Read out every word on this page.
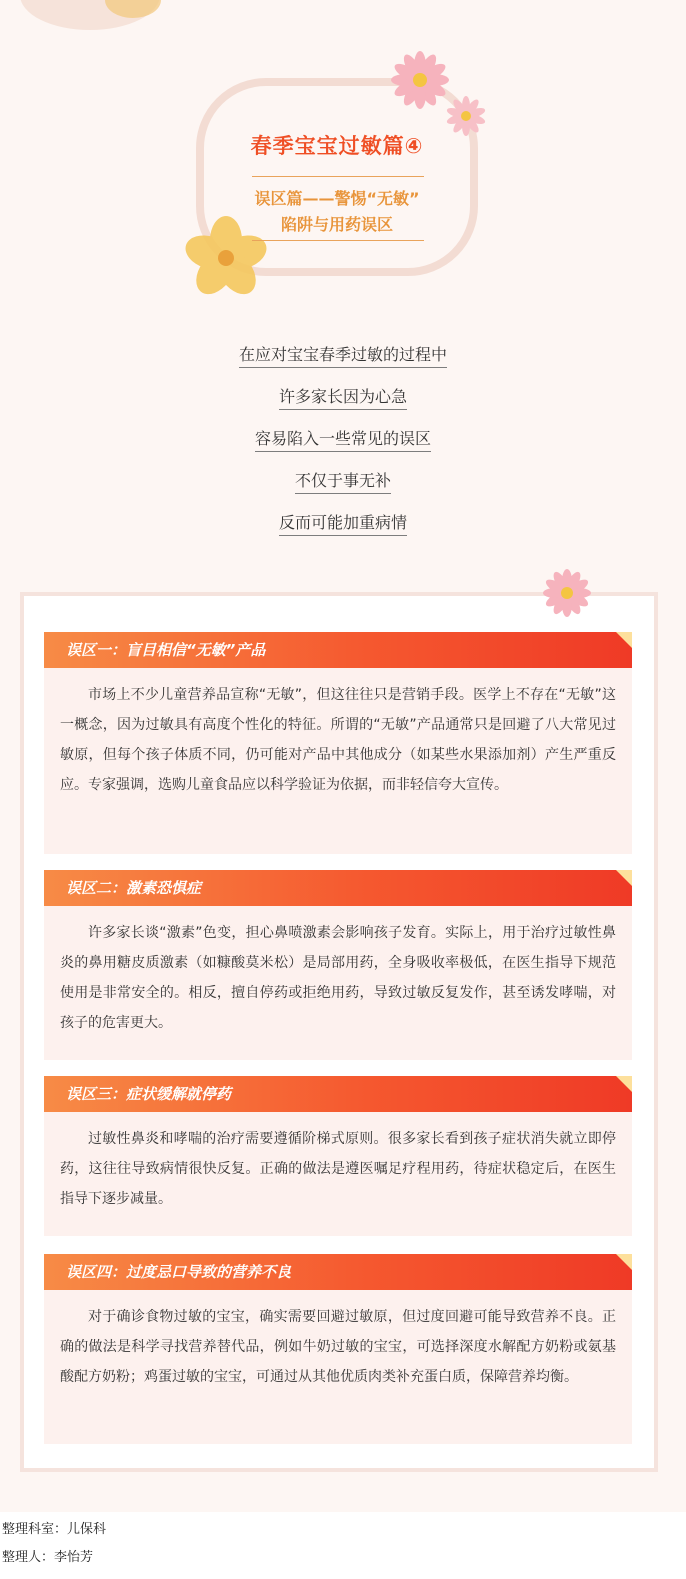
春季宝宝过敏篇④
误区篇——警惕“无敏”
陷阱与用药误区
在应对宝宝春季过敏的过程中
许多家长因为心急
容易陷入一些常见的误区
不仅于事无补
反而可能加重病情
误区一：盲目相信“无敏”产品
市场上不少儿童营养品宣称“无敏”，但这往往只是营销手段。医学上不存在“无敏”这一概念，因为过敏具有高度个性化的特征。所谓的“无敏”产品通常只是回避了八大常见过敏原，但每个孩子体质不同，仍可能对产品中其他成分（如某些水果添加剂）产生严重反应。专家强调，选购儿童食品应以科学验证为依据，而非轻信夸大宣传。
误区二：激素恐惧症
许多家长谈“激素”色变，担心鼻喷激素会影响孩子发育。实际上，用于治疗过敏性鼻炎的鼻用糖皮质激素（如糠酸莫米松）是局部用药，全身吸收率极低，在医生指导下规范使用是非常安全的。相反，擅自停药或拒绝用药，导致过敏反复发作，甚至诱发哮喘，对孩子的危害更大。
误区三：症状缓解就停药
过敏性鼻炎和哮喘的治疗需要遵循阶梯式原则。很多家长看到孩子症状消失就立即停药，这往往导致病情很快反复。正确的做法是遵医嘱足疗程用药，待症状稳定后，在医生指导下逐步减量。
误区四：过度忌口导致的营养不良
对于确诊食物过敏的宝宝，确实需要回避过敏原，但过度回避可能导致营养不良。正确的做法是科学寻找营养替代品，例如牛奶过敏的宝宝，可选择深度水解配方奶粉或氨基酸配方奶粉；鸡蛋过敏的宝宝，可通过从其他优质肉类补充蛋白质，保障营养均衡。
整理科室：儿保科
整理人：李怡芳
